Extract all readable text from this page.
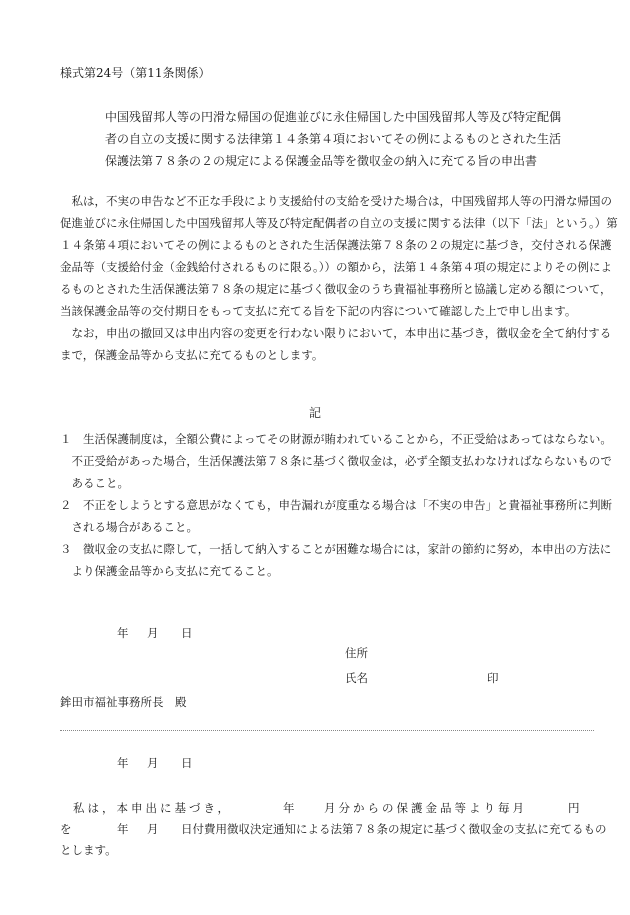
様式第24号（第11条関係）
中国残留邦人等の円滑な帰国の促進並びに永住帰国した中国残留邦人等及び特定配偶
者の自立の支援に関する法律第１４条第４項においてその例によるものとされた生活
保護法第７８条の２の規定による保護金品等を徴収金の納入に充てる旨の申出書
　私は，不実の申告など不正な手段により支援給付の支給を受けた場合は，中国残留邦人等の円滑な帰国の
促進並びに永住帰国した中国残留邦人等及び特定配偶者の自立の支援に関する法律（以下「法」という。）第
１４条第４項においてその例によるものとされた生活保護法第７８条の２の規定に基づき，交付される保護
金品等（支援給付金（金銭給付されるものに限る。））の額から，法第１４条第４項の規定によりその例によ
るものとされた生活保護法第７８条の規定に基づく徴収金のうち貴福祉事務所と協議し定める額について，
当該保護金品等の交付期日をもって支払に充てる旨を下記の内容について確認した上で申し出ます。
　なお，申出の撤回又は申出内容の変更を行わない限りにおいて，本申出に基づき，徴収金を全て納付する
まで，保護金品等から支払に充てるものとします。
記
１　生活保護制度は，全額公費によってその財源が賄われていることから，不正受給はあってはならない。
　不正受給があった場合，生活保護法第７８条に基づく徴収金は，必ず全額支払わなければならないもので
　あること。
２　不正をしようとする意思がなくても，申告漏れが度重なる場合は「不実の申告」と貴福祉事務所に判断
　される場合があること。
３　徴収金の支払に際して，一括して納入することが困難な場合には，家計の節約に努め，本申出の方法に
　より保護金品等から支払に充てること。
年 月 日
住所
氏名	印
鉾田市福祉事務所長　殿
年 月 日
私は，本申出に基づき，	年	月分からの保護金品等より毎月	円
を	年 月 日付費用徴収決定通知による法第７８条の規定に基づく徴収金の支払に充てるもの
とします。
